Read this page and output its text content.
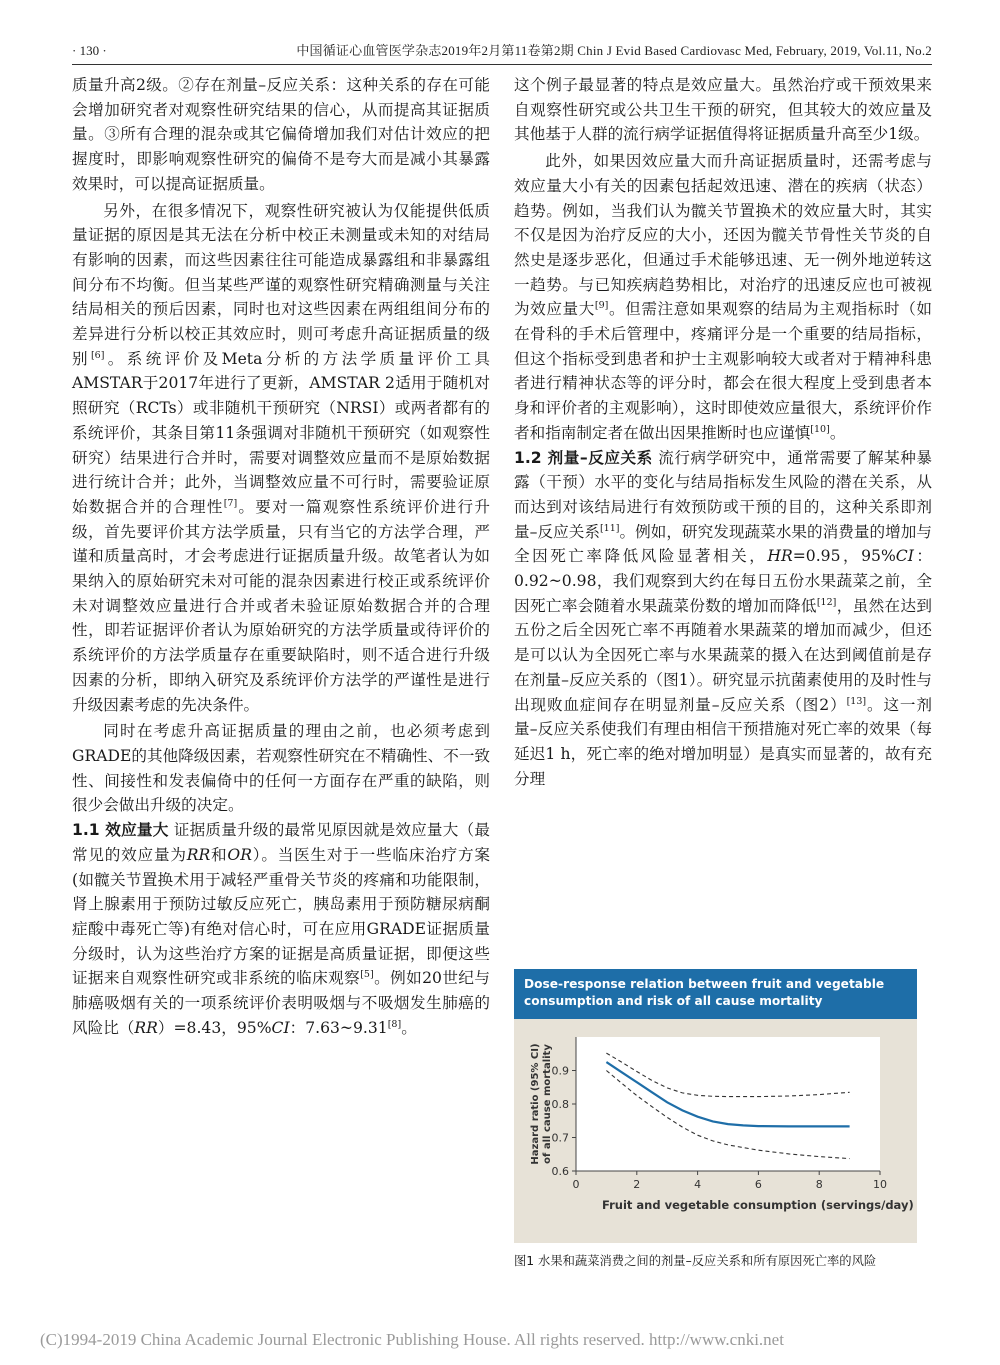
· 130 ·	中国循证心血管医学杂志2019年2月第11卷第2期 Chin J Evid Based Cardiovasc Med, February, 2019, Vol.11, No.2

质量升高2级。②存在剂量–反应关系：这种关系的存在可能会增加研究者对观察性研究结果的信心，从而提高其证据质量。③所有合理的混杂或其它偏倚增加我们对估计效应的把握度时，即影响观察性研究的偏倚不是夸大而是减小其暴露效果时，可以提高证据质量。

另外，在很多情况下，观察性研究被认为仅能提供低质量证据的原因是其无法在分析中校正未测量或未知的对结局有影响的因素，而这些因素往往可能造成暴露组和非暴露组间分布不均衡。但当某些严谨的观察性研究精确测量与关注结局相关的预后因素，同时也对这些因素在两组组间分布的差异进行分析以校正其效应时，则可考虑升高证据质量的级别[6]。系统评价及Meta分析的方法学质量评价工具AMSTAR于2017年进行了更新，AMSTAR 2适用于随机对照研究（RCTs）或非随机干预研究（NRSI）或两者都有的系统评价，其条目第11条强调对非随机干预研究（如观察性研究）结果进行合并时，需要对调整效应量而不是原始数据进行统计合并；此外，当调整效应量不可行时，需要验证原始数据合并的合理性[7]。要对一篇观察性系统评价进行升级，首先要评价其方法学质量，只有当它的方法学合理，严谨和质量高时，才会考虑进行证据质量升级。故笔者认为如果纳入的原始研究未对可能的混杂因素进行校正或系统评价未对调整效应量进行合并或者未验证原始数据合并的合理性，即若证据评价者认为原始研究的方法学质量或待评价的系统评价的方法学质量存在重要缺陷时，则不适合进行升级因素的分析，即纳入研究及系统评价方法学的严谨性是进行升级因素考虑的先决条件。

同时在考虑升高证据质量的理由之前，也必须考虑到GRADE的其他降级因素，若观察性研究在不精确性、不一致性、间接性和发表偏倚中的任何一方面存在严重的缺陷，则很少会做出升级的决定。

1.1 效应量大 证据质量升级的最常见原因就是效应量大（最常见的效应量为RR和OR）。当医生对于一些临床治疗方案(如髋关节置换术用于减轻严重骨关节炎的疼痛和功能限制，肾上腺素用于预防过敏反应死亡，胰岛素用于预防糖尿病酮症酸中毒死亡等)有绝对信心时，可在应用GRADE证据质量分级时，认为这些治疗方案的证据是高质量证据，即便这些证据来自观察性研究或非系统的临床观察[5]。例如20世纪与肺癌吸烟有关的一项系统评价表明吸烟与不吸烟发生肺癌的风险比（RR）=8.43，95%CI：7.63~9.31[8]。

这个例子最显著的特点是效应量大。虽然治疗或干预效果来自观察性研究或公共卫生干预的研究，但其较大的效应量及其他基于人群的流行病学证据值得将证据质量升高至少1级。

此外，如果因效应量大而升高证据质量时，还需考虑与效应量大小有关的因素包括起效迅速、潜在的疾病（状态）趋势。例如，当我们认为髋关节置换术的效应量大时，其实不仅是因为治疗反应的大小，还因为髋关节骨性关节炎的自然史是逐步恶化，但通过手术能够迅速、无一例外地逆转这一趋势。与已知疾病趋势相比，对治疗的迅速反应也可被视为效应量大[9]。但需注意如果观察的结局为主观指标时（如在骨科的手术后管理中，疼痛评分是一个重要的结局指标，但这个指标受到患者和护士主观影响较大或者对于精神科患者进行精神状态等的评分时，都会在很大程度上受到患者本身和评价者的主观影响），这时即使效应量很大，系统评价作者和指南制定者在做出因果推断时也应谨慎[10]。

1.2 剂量–反应关系 流行病学研究中，通常需要了解某种暴露（干预）水平的变化与结局指标发生风险的潜在关系，从而达到对该结局进行有效预防或干预的目的，这种关系即剂量–反应关系[11]。例如，研究发现蔬菜水果的消费量的增加与全因死亡率降低风险显著相关，HR=0.95，95%CI：0.92~0.98，我们观察到大约在每日五份水果蔬菜之前，全因死亡率会随着水果蔬菜份数的增加而降低[12]，虽然在达到五份之后全因死亡率不再随着水果蔬菜的增加而减少，但还是可以认为全因死亡率与水果蔬菜的摄入在达到阈值前是存在剂量–反应关系的（图1）。研究显示抗菌素使用的及时性与出现败血症间存在明显剂量–反应关系（图2）[13]。这一剂量–反应关系使我们有理由相信干预措施对死亡率的效果（每延迟1 h，死亡率的绝对增加明显）是真实而显著的，故有充分理

Dose-response relation between fruit and vegetable
consumption and risk of all cause mortality
0	2	4	6	8	10
0.6
0.7
0.8
0.9
Fruit and vegetable consumption (servings/day)
Hazard ratio (95% CI) of all cause mortality
图1 水果和蔬菜消费之间的剂量–反应关系和所有原因死亡率的风险
(C)1994-2019 China Academic Journal Electronic Publishing House. All rights reserved. http://www.cnki.net
